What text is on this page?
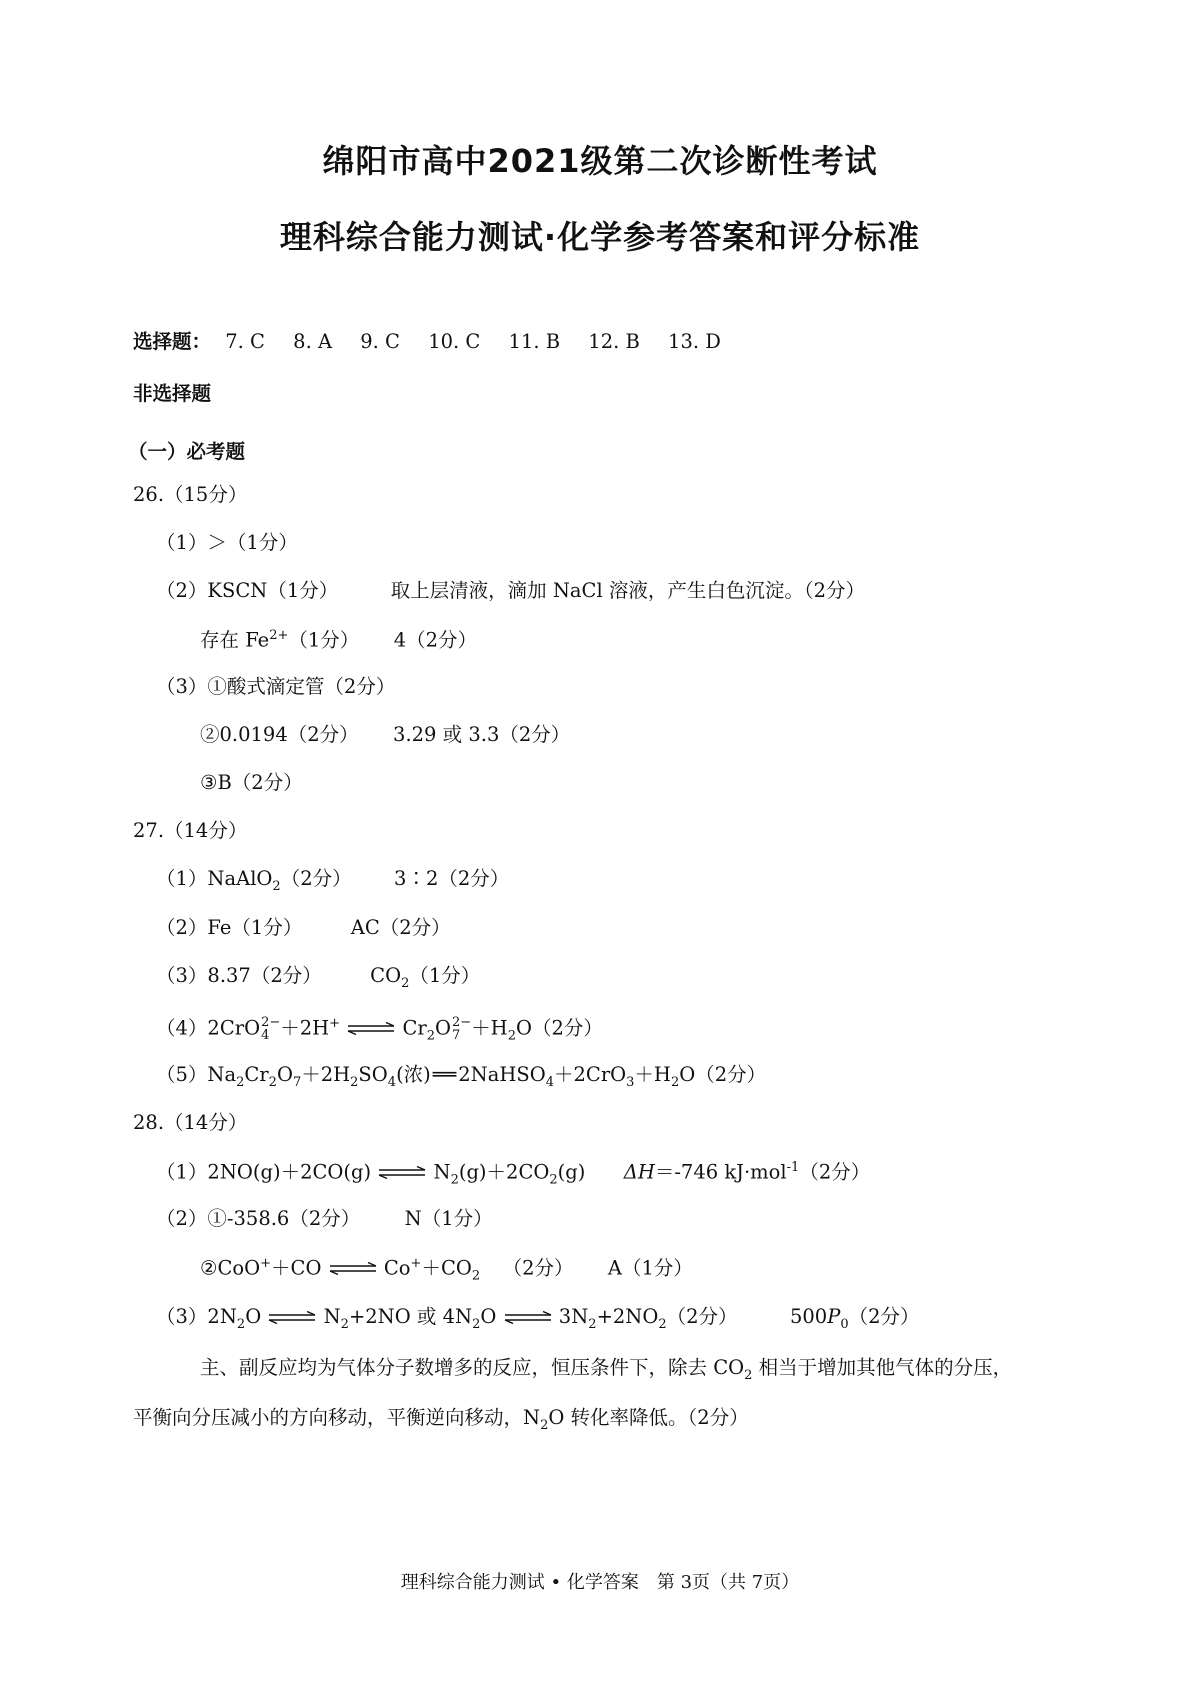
绵阳市高中2021级第二次诊断性考试
理科综合能力测试·化学参考答案和评分标准
选择题： 7. C 8. A 9. C 10. C 11. B 12. B 13. D
非选择题
（一）必考题
26.（15分）
（1）＞（1分）
（2）KSCN（1分）	取上层清液，滴加 NaCl 溶液，产生白色沉淀。（2分）
存在 $Fe^{2+}(1$分） 4（2分）
（3）①酸式滴定管（2分）
②0.0194（2分） 3.29 或 3.3（2分）
③B（2分）
27.（14分）
（1）NaAlO$_2$（2分） 3∶2（2分）
（2）Fe（1分） AC（2分）
（3）8.37（2分） $CO_2(1$分）
（4）2CrO 2−
4 ＋2H+ ⇌ $Cr_2O$ 2−
$7 +H_2O(2$分）
$(5)Na_2Cr_2O_7+2H_2SO_4$(浓) ══ $2NaHSO_4+2CrO_3+H_2O(2$分）
28.（14分）
（1）2NO(g)＋2CO(g) ⇌ $N_2(g)+2CO_2(g)$ ΔH＝-746 kJ·mol$^{-1}$（2分）
（2）①-358.6（2分） N（1分）
②CoO+＋CO ⇌ $Co^++CO_2$ （2分） A（1分）
$(3)2N_2O$ ⇌ $N_2+2NO$ 或 $4N_2O$ ⇌ $3N_2+2NO_2(2$分）	$500P_0(2$分）
主、副反应均为气体分子数增多的反应，恒压条件下，除去 $CO_2$ 相当于增加其他气体的分压，
平衡向分压减小的方向移动，平衡逆向移动，$N_2O$ 转化率降低。（2分）
理科综合能力测试 • 化学答案　第 3页（共 7页）
